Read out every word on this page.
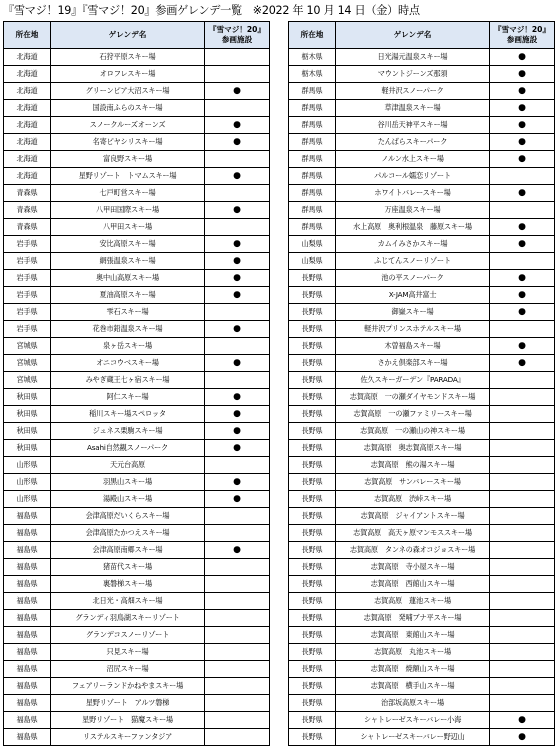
『雪マジ！19』『雪マジ！20』参画ゲレンデ一覧　※2022 年 10 月 14 日（金）時点
所在地	ゲレンデ名	『雪マジ！20』
参画施設
北海道	石狩平原スキー場	
北海道	オロフレスキー場	
北海道	グリーンピア大沼スキー場	●
北海道	国設南ふらのスキー場	
北海道	スノークルーズオーンズ	●
北海道	名寄ピヤシリスキー場	●
北海道	富良野スキー場	
北海道	星野リゾート　トマムスキー場	●
青森県	七戸町営スキー場	
青森県	八甲田国際スキー場	●
青森県	八甲田スキー場	
岩手県	安比高原スキー場	●
岩手県	網張温泉スキー場	●
岩手県	奥中山高原スキー場	●
岩手県	夏油高原スキー場	●
岩手県	雫石スキー場	
岩手県	花巻市鉛温泉スキー場	●
宮城県	泉ヶ岳スキー場	
宮城県	オニコウベスキー場	●
宮城県	みやぎ蔵王七ヶ宿スキー場	
秋田県	阿仁スキー場	●
秋田県	稲川スキー場スペロッタ	●
秋田県	ジュネス栗駒スキー場	●
秋田県	Asahi自然観スノーパーク	●
山形県	天元台高原	
山形県	羽黒山スキー場	●
山形県	湯殿山スキー場	●
福島県	会津高原だいくらスキー場	
福島県	会津高原たかつえスキー場	
福島県	会津高原南郷スキー場	●
福島県	猪苗代スキー場	
福島県	裏磐梯スキー場	
福島県	北日光・高畑スキー場	
福島県	グランディ羽鳥湖スキーリゾート	
福島県	グランデコスノーリゾート	
福島県	只見スキー場	
福島県	沼尻スキー場	
福島県	フェアリーランドかねやまスキー場	
福島県	星野リゾート　アルツ磐梯	
福島県	星野リゾート　猫魔スキー場	
福島県	リステルスキーファンタジア	
所在地	ゲレンデ名	『雪マジ！20』
参画施設
栃木県	日光湯元温泉スキー場	●
栃木県	マウントジーンズ那須	●
群馬県	軽井沢スノーパーク	●
群馬県	草津温泉スキー場	●
群馬県	谷川岳天神平スキー場	●
群馬県	たんばらスキーパーク	●
群馬県	ノルン水上スキー場	●
群馬県	パルコール嬬恋リゾート	
群馬県	ホワイトバレースキー場	●
群馬県	万座温泉スキー場	
群馬県	水上高原　奥利根温泉　藤原スキー場	●
山梨県	カムイみさかスキー場	●
山梨県	ふじてんスノーリゾート	
長野県	池の平スノーパーク	●
長野県	X-JAM高井富士	●
長野県	御嶽スキー場	●
長野県	軽井沢プリンスホテルスキー場	
長野県	木曽福島スキー場	●
長野県	さかえ倶楽部スキー場	●
長野県	佐久スキーガーデン『PARADA』	
長野県	志賀高原　一の瀬ダイヤモンドスキー場	
長野県	志賀高原　一の瀬ファミリースキー場	
長野県	志賀高原　一の瀬山の神スキー場	
長野県	志賀高原　奥志賀高原スキー場	
長野県	志賀高原　熊の湯スキー場	
長野県	志賀高原　サンバレースキー場	
長野県	志賀高原　渋峠スキー場	
長野県	志賀高原　ジャイアントスキー場	
長野県	志賀高原　高天ヶ原マンモススキー場	
長野県	志賀高原　タンネの森オコジョスキー場	
長野県	志賀高原　寺小屋スキー場	
長野県	志賀高原　西館山スキー場	
長野県	志賀高原　蓮池スキー場	
長野県	志賀高原　発哺ブナ平スキー場	
長野県	志賀高原　東館山スキー場	
長野県	志賀高原　丸池スキー場	
長野県	志賀高原　焼額山スキー場	
長野県	志賀高原　横手山スキー場	
長野県	治部坂高原スキー場	
長野県	シャトレーゼスキーバレー小海	●
長野県	シャトレーゼスキーバレー野辺山	●
